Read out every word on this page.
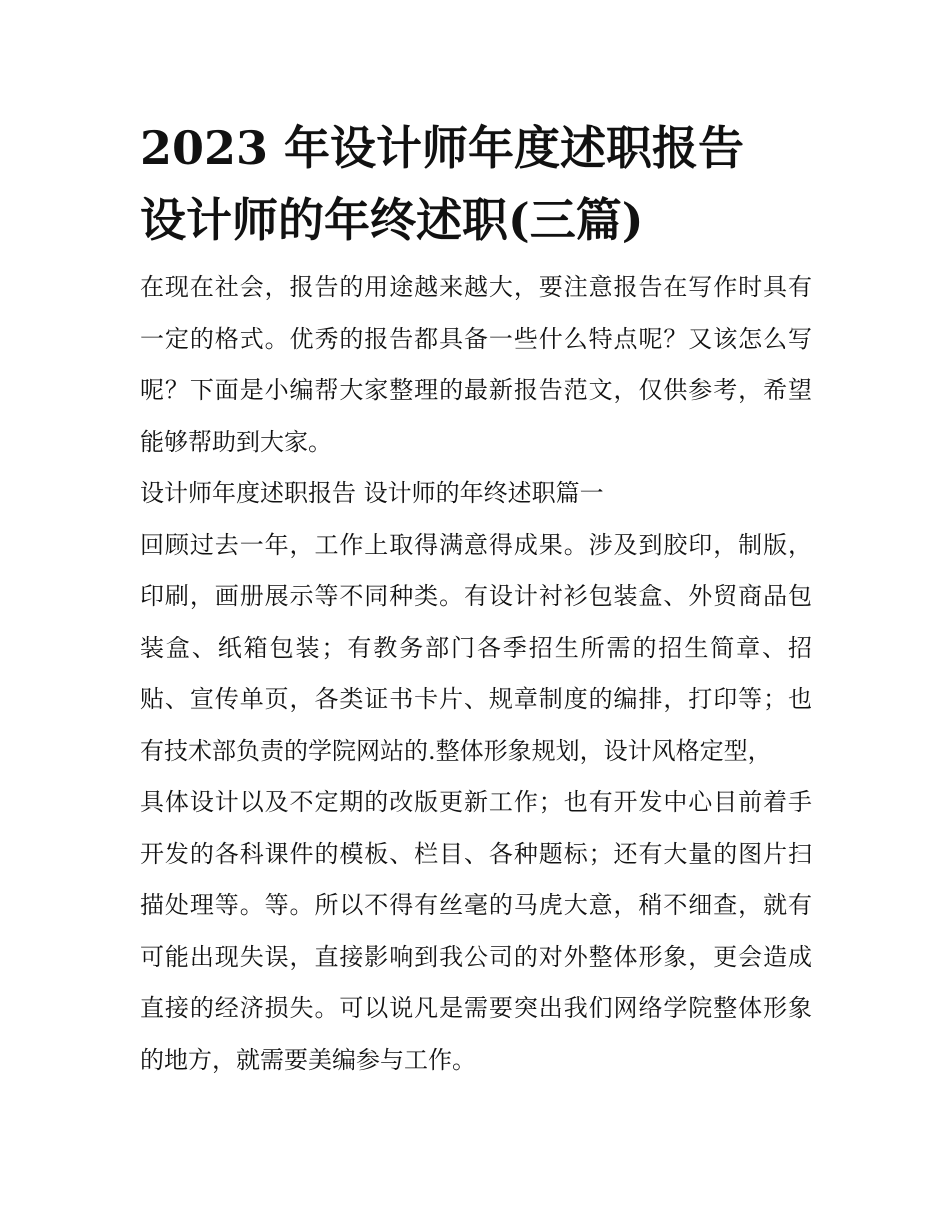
2023 年设计师年度述职报告
设计师的年终述职(三篇)
在现在社会，报告的用途越来越大，要注意报告在写作时具有
一定的格式。优秀的报告都具备一些什么特点呢？又该怎么写
呢？下面是小编帮大家整理的最新报告范文，仅供参考，希望
能够帮助到大家。
设计师年度述职报告 设计师的年终述职篇一
回顾过去一年，工作上取得满意得成果。涉及到胶印，制版，
印刷，画册展示等不同种类。有设计衬衫包装盒、外贸商品包
装盒、纸箱包装；有教务部门各季招生所需的招生简章、招
贴、宣传单页，各类证书卡片、规章制度的编排，打印等；也
有技术部负责的学院网站的.整体形象规划，设计风格定型，
具体设计以及不定期的改版更新工作；也有开发中心目前着手
开发的各科课件的模板、栏目、各种题标；还有大量的图片扫
描处理等。等。所以不得有丝毫的马虎大意，稍不细查，就有
可能出现失误，直接影响到我公司的对外整体形象，更会造成
直接的经济损失。可以说凡是需要突出我们网络学院整体形象
的地方，就需要美编参与工作。
